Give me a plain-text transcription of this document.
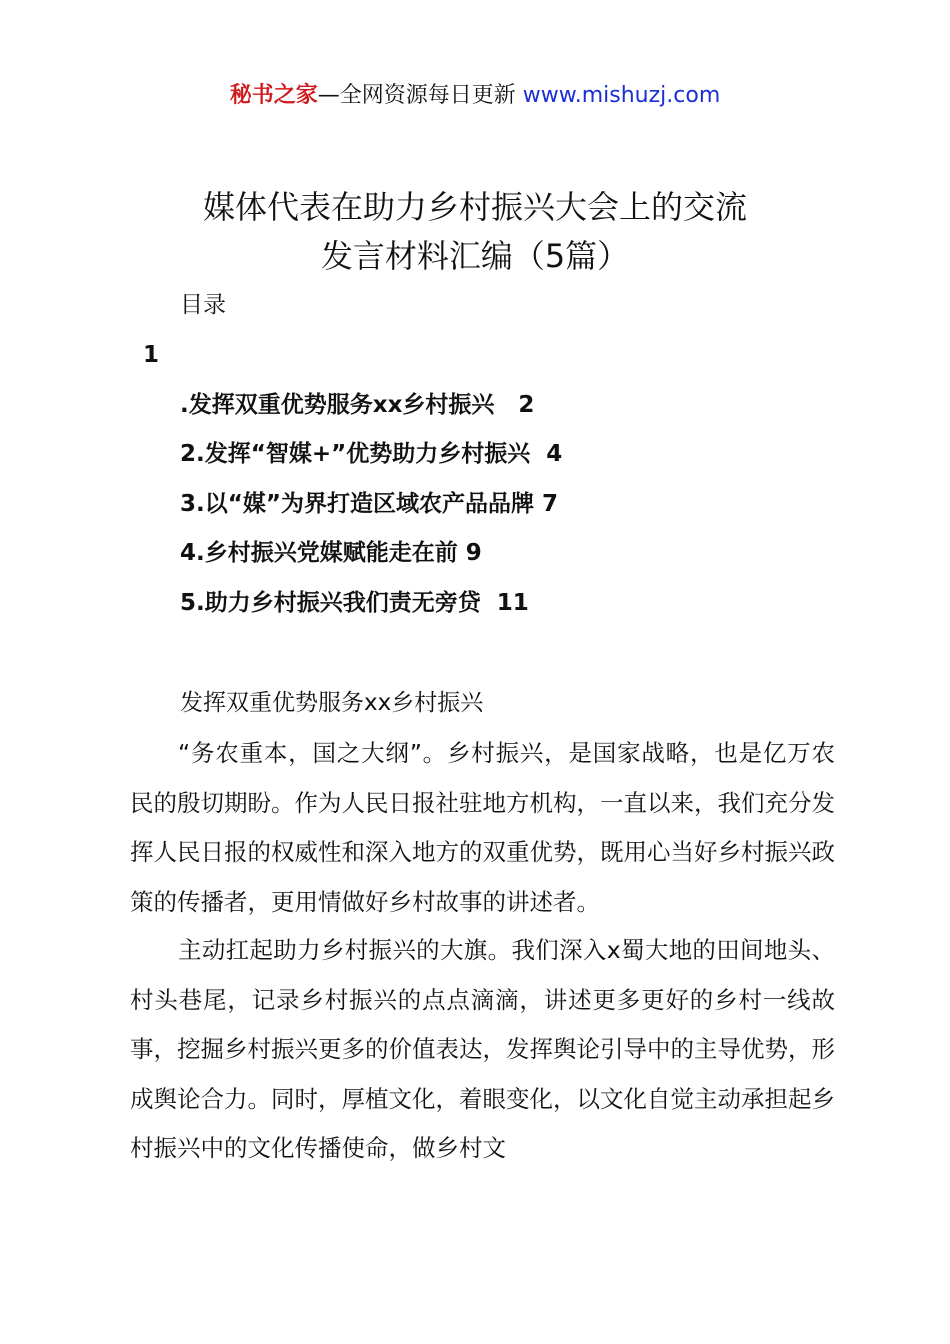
秘书之家—全网资源每日更新 www.mishuzj.com
媒体代表在助力乡村振兴大会上的交流
发言材料汇编（5篇）
目录
1
.发挥双重优势服务xx乡村振兴   2
2.发挥“智媒+”优势助力乡村振兴  4
3.以“媒”为界打造区域农产品品牌 7
4.乡村振兴党媒赋能走在前 9
5.助力乡村振兴我们责无旁贷  11
发挥双重优势服务xx乡村振兴

“务农重本，国之大纲”。乡村振兴，是国家战略，也是亿万农民的殷切期盼。作为人民日报社驻地方机构，一直以来，我们充分发挥人民日报的权威性和深入地方的双重优势，既用心当好乡村振兴政策的传播者，更用情做好乡村故事的讲述者。

主动扛起助力乡村振兴的大旗。我们深入x蜀大地的田间地头、村头巷尾，记录乡村振兴的点点滴滴，讲述更多更好的乡村一线故事，挖掘乡村振兴更多的价值表达，发挥舆论引导中的主导优势，形成舆论合力。同时，厚植文化，着眼变化，以文化自觉主动承担起乡村振兴中的文化传播使命，做乡村文
